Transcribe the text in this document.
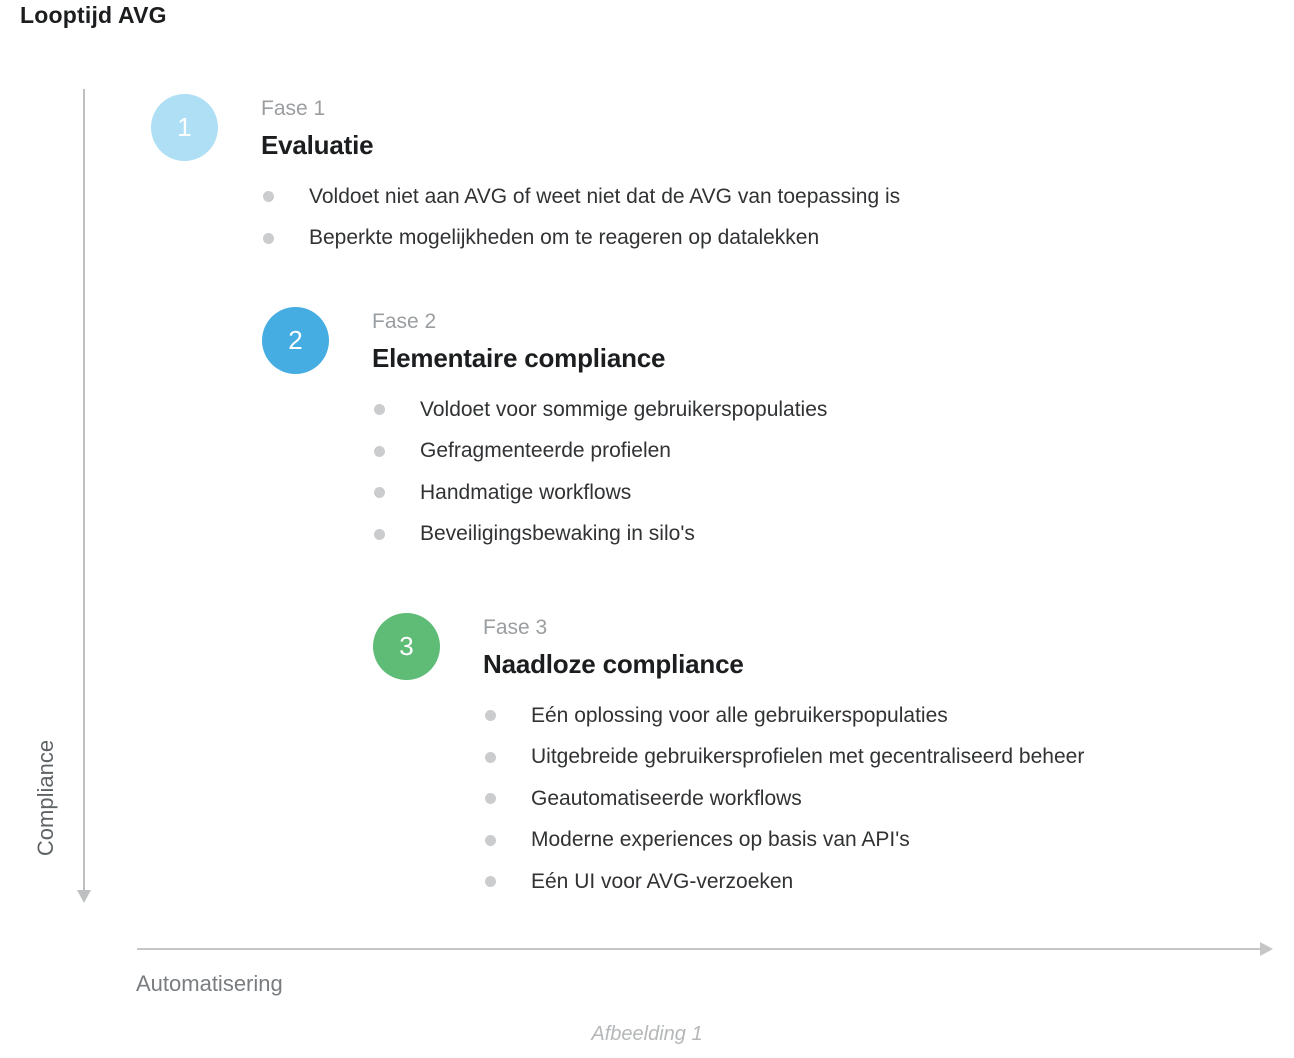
Looptijd AVG
Compliance
Automatisering
1
Fase 1
Evaluatie
Voldoet niet aan AVG of weet niet dat de AVG van toepassing is
Beperkte mogelijkheden om te reageren op datalekken
2
Fase 2
Elementaire compliance
Voldoet voor sommige gebruikerspopulaties
Gefragmenteerde profielen
Handmatige workflows
Beveiligingsbewaking in silo's
3
Fase 3
Naadloze compliance
Eén oplossing voor alle gebruikerspopulaties
Uitgebreide gebruikersprofielen met gecentraliseerd beheer
Geautomatiseerde workflows
Moderne experiences op basis van API's
Eén UI voor AVG-verzoeken
Afbeelding 1
